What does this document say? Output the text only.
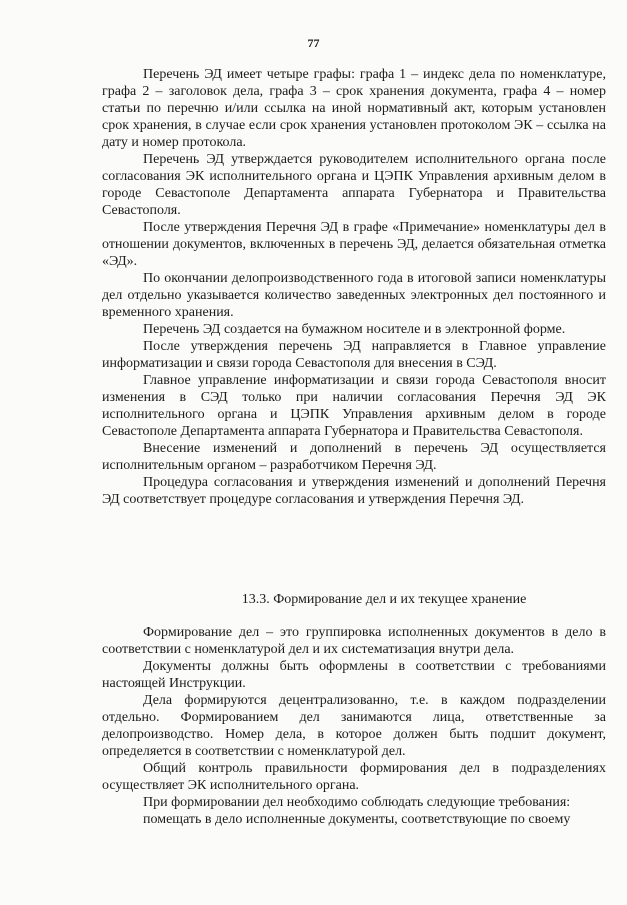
77

Перечень ЭД имеет четыре графы: графа 1 – индекс дела по номенклатуре, графа 2 – заголовок дела, графа 3 – срок хранения документа, графа 4 – номер статьи по перечню и/или ссылка на иной нормативный акт, которым установлен срок хранения, в случае если срок хранения установлен протоколом ЭК – ссылка на дату и номер протокола.

Перечень ЭД утверждается руководителем исполнительного органа после согласования ЭК исполнительного органа и ЦЭПК Управления архивным делом в городе Севастополе Департамента аппарата Губернатора и Правительства Севастополя.

После утверждения Перечня ЭД в графе «Примечание» номенклатуры дел в отношении документов, включенных в перечень ЭД, делается обязательная отметка «ЭД».

По окончании делопроизводственного года в итоговой записи номенклатуры дел отдельно указывается количество заведенных электронных дел постоянного и временного хранения.

Перечень ЭД создается на бумажном носителе и в электронной форме.

После утверждения перечень ЭД направляется в Главное управление информатизации и связи города Севастополя для внесения в СЭД.

Главное управление информатизации и связи города Севастополя вносит изменения в СЭД только при наличии согласования Перечня ЭД ЭК исполнительного органа и ЦЭПК Управления архивным делом в городе Севастополе Департамента аппарата Губернатора и Правительства Севастополя.

Внесение изменений и дополнений в перечень ЭД осуществляется исполнительным органом – разработчиком Перечня ЭД.

Процедура согласования и утверждения изменений и дополнений Перечня ЭД соответствует процедуре согласования и утверждения Перечня ЭД.

13.3. Формирование дел и их текущее хранение

Формирование дел – это группировка исполненных документов в дело в соответствии с номенклатурой дел и их систематизация внутри дела.

Документы должны быть оформлены в соответствии с требованиями настоящей Инструкции.

Дела формируются децентрализованно, т.е. в каждом подразделении отдельно. Формированием дел занимаются лица, ответственные за делопроизводство. Номер дела, в которое должен быть подшит документ, определяется в соответствии с номенклатурой дел.

Общий контроль правильности формирования дел в подразделениях осуществляет ЭК исполнительного органа.

При формировании дел необходимо соблюдать следующие требования:

помещать в дело исполненные документы, соответствующие по своему
